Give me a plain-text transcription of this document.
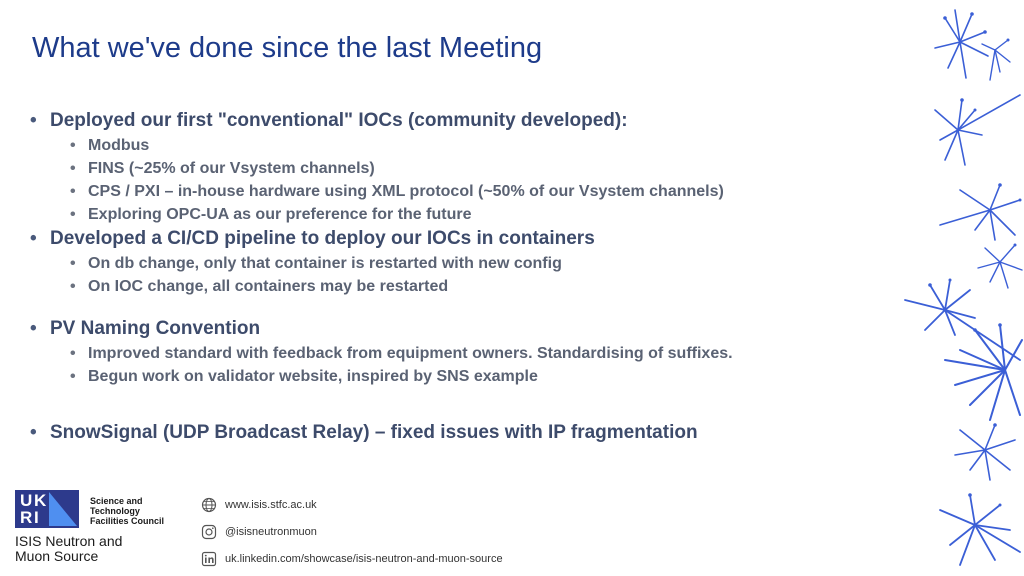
What we've done since the last Meeting
• Deployed our first "conventional" IOCs (community developed):
• Modbus
• FINS (~25% of our Vsystem channels)
• CPS / PXI – in-house hardware using XML protocol (~50% of our Vsystem channels)
• Exploring OPC-UA as our preference for the future
• Developed a CI/CD pipeline to deploy our IOCs in containers
• On db change, only that container is restarted with new config
• On IOC change, all containers may be restarted
• PV Naming Convention
• Improved standard with feedback from equipment owners. Standardising of suffixes.
• Begun work on validator website, inspired by SNS example
• SnowSignal (UDP Broadcast Relay) – fixed issues with IP fragmentation
U K
R I
Science and
Technology
Facilities Council
ISIS Neutron and
Muon Source
www.isis.stfc.ac.uk
@isisneutronmuon
uk.linkedin.com/showcase/isis-neutron-and-muon-source
